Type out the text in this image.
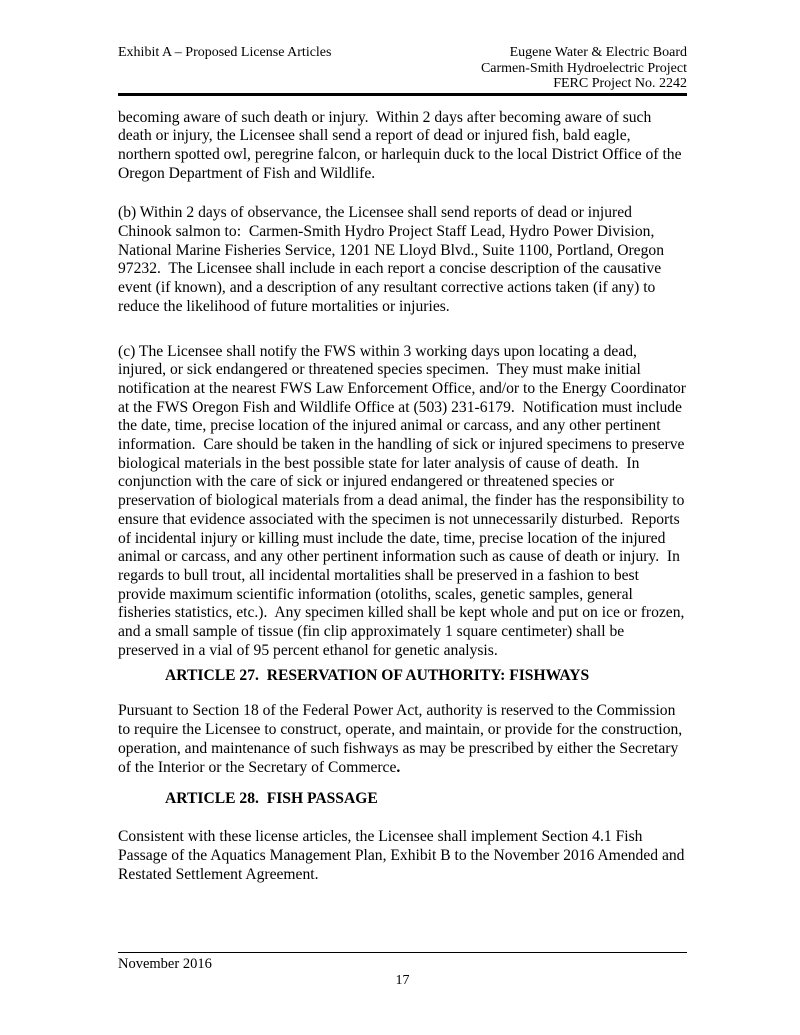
Exhibit A – Proposed License Articles	Eugene Water & Electric Board
Carmen-Smith Hydroelectric Project
FERC Project No. 2242
becoming aware of such death or injury.  Within 2 days after becoming aware of such death or injury, the Licensee shall send a report of dead or injured fish, bald eagle, northern spotted owl, peregrine falcon, or harlequin duck to the local District Office of the Oregon Department of Fish and Wildlife.
(b) Within 2 days of observance, the Licensee shall send reports of dead or injured Chinook salmon to:  Carmen-Smith Hydro Project Staff Lead, Hydro Power Division, National Marine Fisheries Service, 1201 NE Lloyd Blvd., Suite 1100, Portland, Oregon 97232.  The Licensee shall include in each report a concise description of the causative event (if known), and a description of any resultant corrective actions taken (if any) to reduce the likelihood of future mortalities or injuries.
(c) The Licensee shall notify the FWS within 3 working days upon locating a dead, injured, or sick endangered or threatened species specimen.  They must make initial notification at the nearest FWS Law Enforcement Office, and/or to the Energy Coordinator at the FWS Oregon Fish and Wildlife Office at (503) 231-6179.  Notification must include the date, time, precise location of the injured animal or carcass, and any other pertinent information.  Care should be taken in the handling of sick or injured specimens to preserve biological materials in the best possible state for later analysis of cause of death.  In conjunction with the care of sick or injured endangered or threatened species or preservation of biological materials from a dead animal, the finder has the responsibility to ensure that evidence associated with the specimen is not unnecessarily disturbed.  Reports of incidental injury or killing must include the date, time, precise location of the injured animal or carcass, and any other pertinent information such as cause of death or injury.  In regards to bull trout, all incidental mortalities shall be preserved in a fashion to best provide maximum scientific information (otoliths, scales, genetic samples, general fisheries statistics, etc.).  Any specimen killed shall be kept whole and put on ice or frozen, and a small sample of tissue (fin clip approximately 1 square centimeter) shall be preserved in a vial of 95 percent ethanol for genetic analysis.
ARTICLE 27.  RESERVATION OF AUTHORITY: FISHWAYS
Pursuant to Section 18 of the Federal Power Act, authority is reserved to the Commission to require the Licensee to construct, operate, and maintain, or provide for the construction, operation, and maintenance of such fishways as may be prescribed by either the Secretary of the Interior or the Secretary of Commerce.
ARTICLE 28.  FISH PASSAGE
Consistent with these license articles, the Licensee shall implement Section 4.1 Fish Passage of the Aquatics Management Plan, Exhibit B to the November 2016 Amended and Restated Settlement Agreement.
November 2016
17
